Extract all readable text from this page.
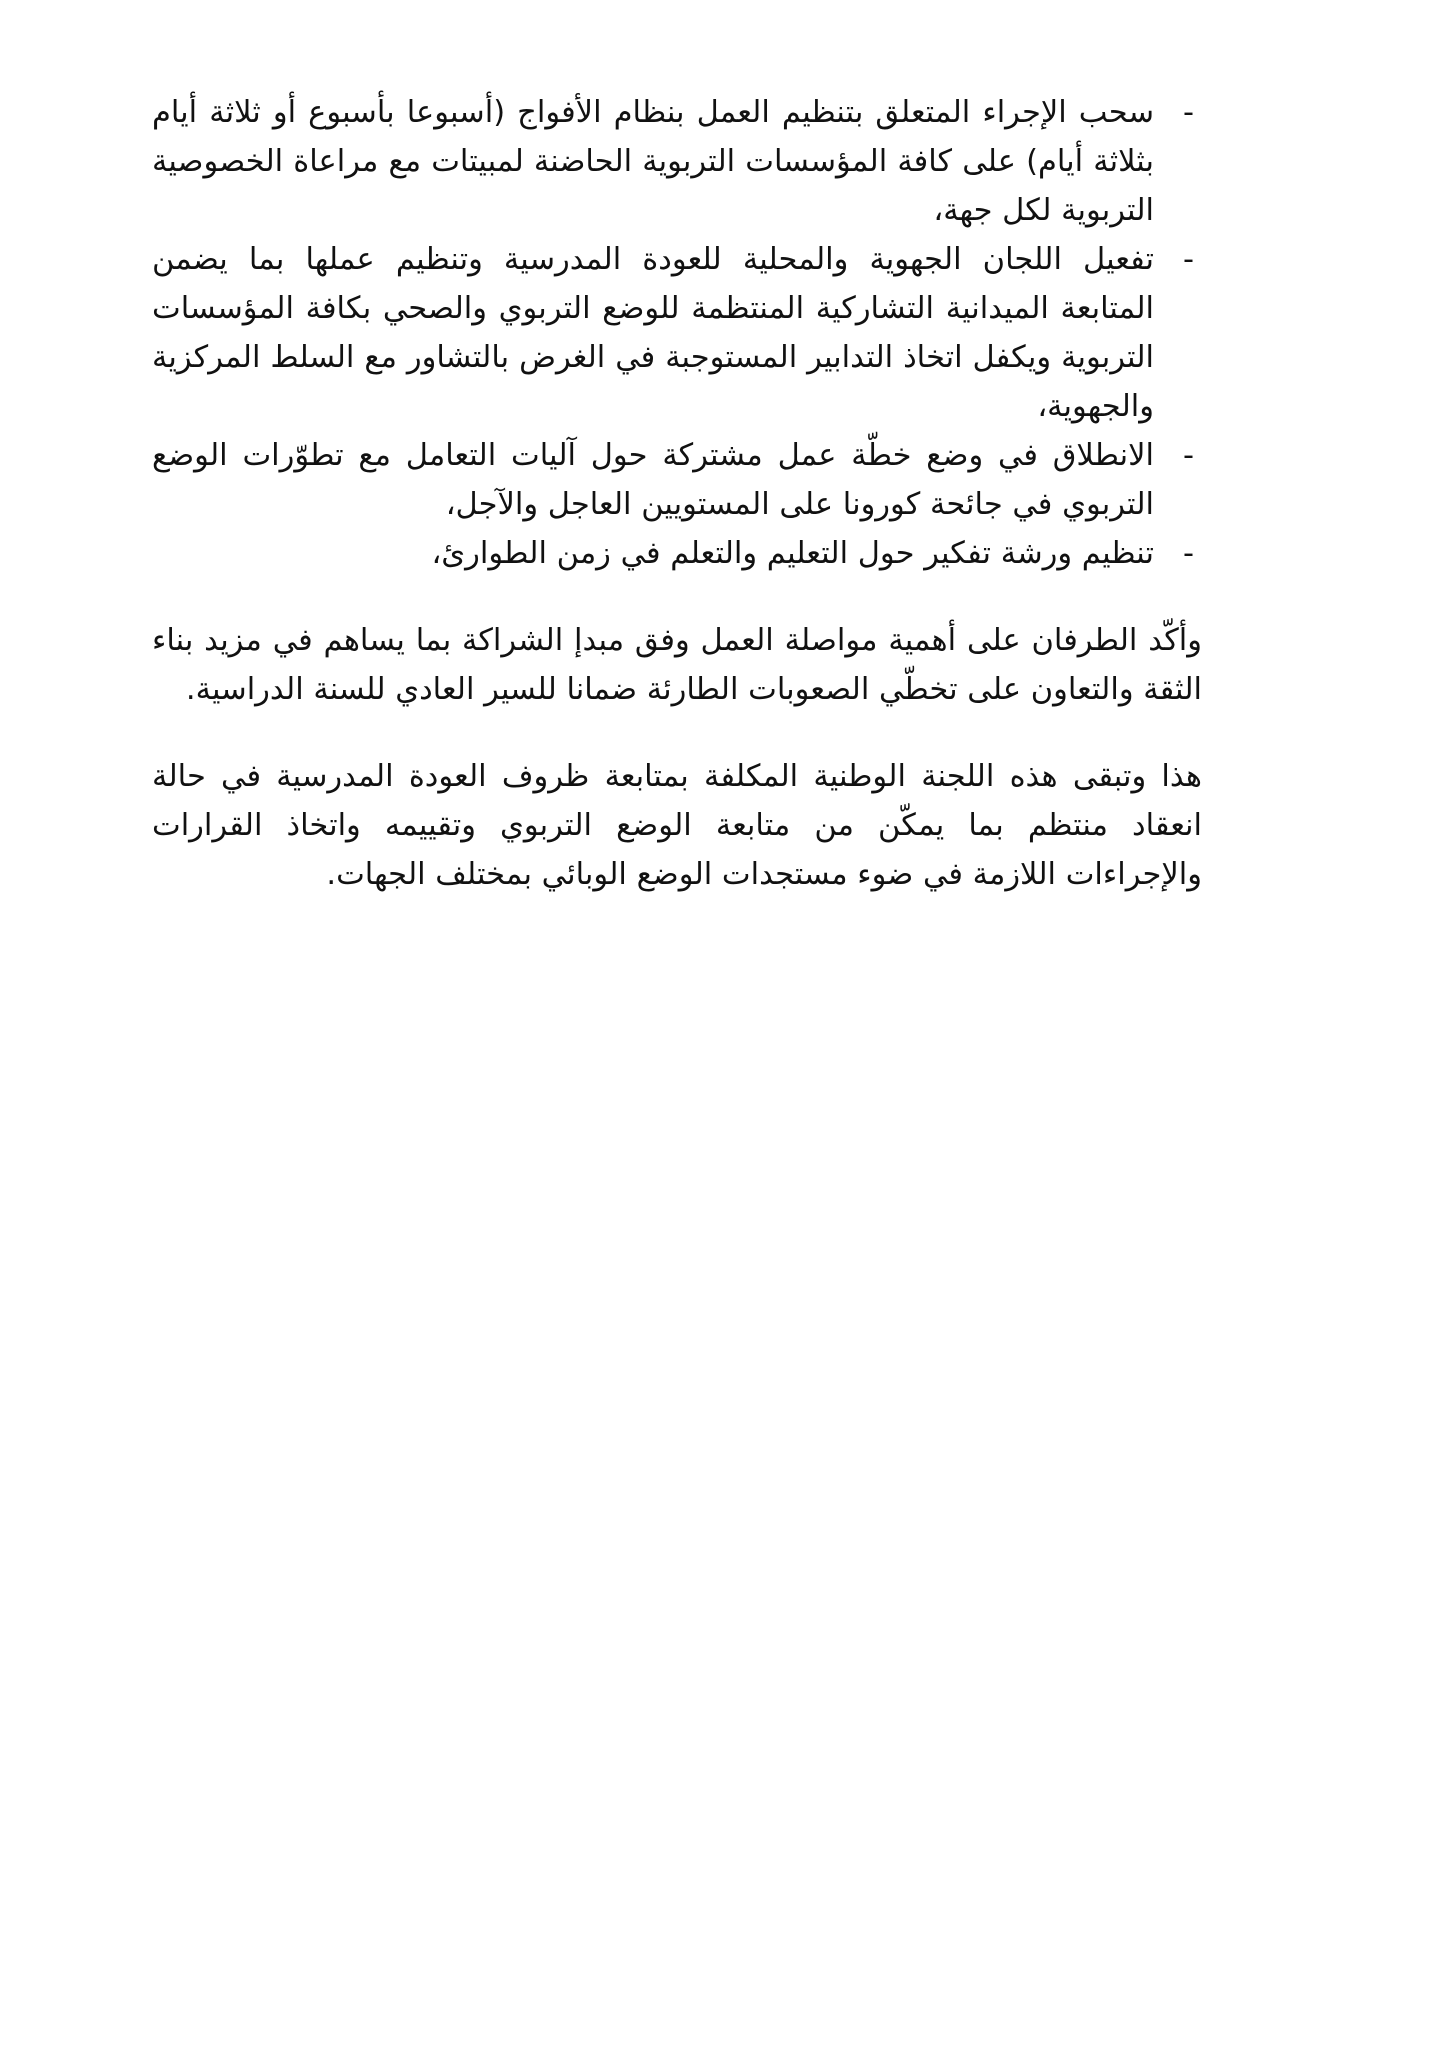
-
سحب الإجراء المتعلق بتنظيم العمل بنظام الأفواج (أسبوعا بأسبوع أو ثلاثة أيام بثلاثة أيام) على كافة المؤسسات التربوية الحاضنة لمبيتات مع مراعاة الخصوصية التربوية لكل جهة،
-
تفعيل اللجان الجهوية والمحلية للعودة المدرسية وتنظيم عملها بما يضمن المتابعة الميدانية التشاركية المنتظمة للوضع التربوي والصحي بكافة المؤسسات التربوية ويكفل اتخاذ التدابير المستوجبة في الغرض بالتشاور مع السلط المركزية والجهوية،
-
الانطلاق في وضع خطّة عمل مشتركة حول آليات التعامل مع تطوّرات الوضع التربوي في جائحة كورونا على المستويين العاجل والآجل،
-
تنظيم ورشة تفكير حول التعليم والتعلم في زمن الطوارئ،

وأكّد الطرفان على أهمية مواصلة العمل وفق مبدإ الشراكة بما يساهم في مزيد بناء الثقة والتعاون على تخطّي الصعوبات الطارئة ضمانا للسير العادي للسنة الدراسية.

هذا وتبقى هذه اللجنة الوطنية المكلفة بمتابعة ظروف العودة المدرسية في حالة انعقاد منتظم بما يمكّن من متابعة الوضع التربوي وتقييمه واتخاذ القرارات والإجراءات اللازمة في ضوء مستجدات الوضع الوبائي بمختلف الجهات.
